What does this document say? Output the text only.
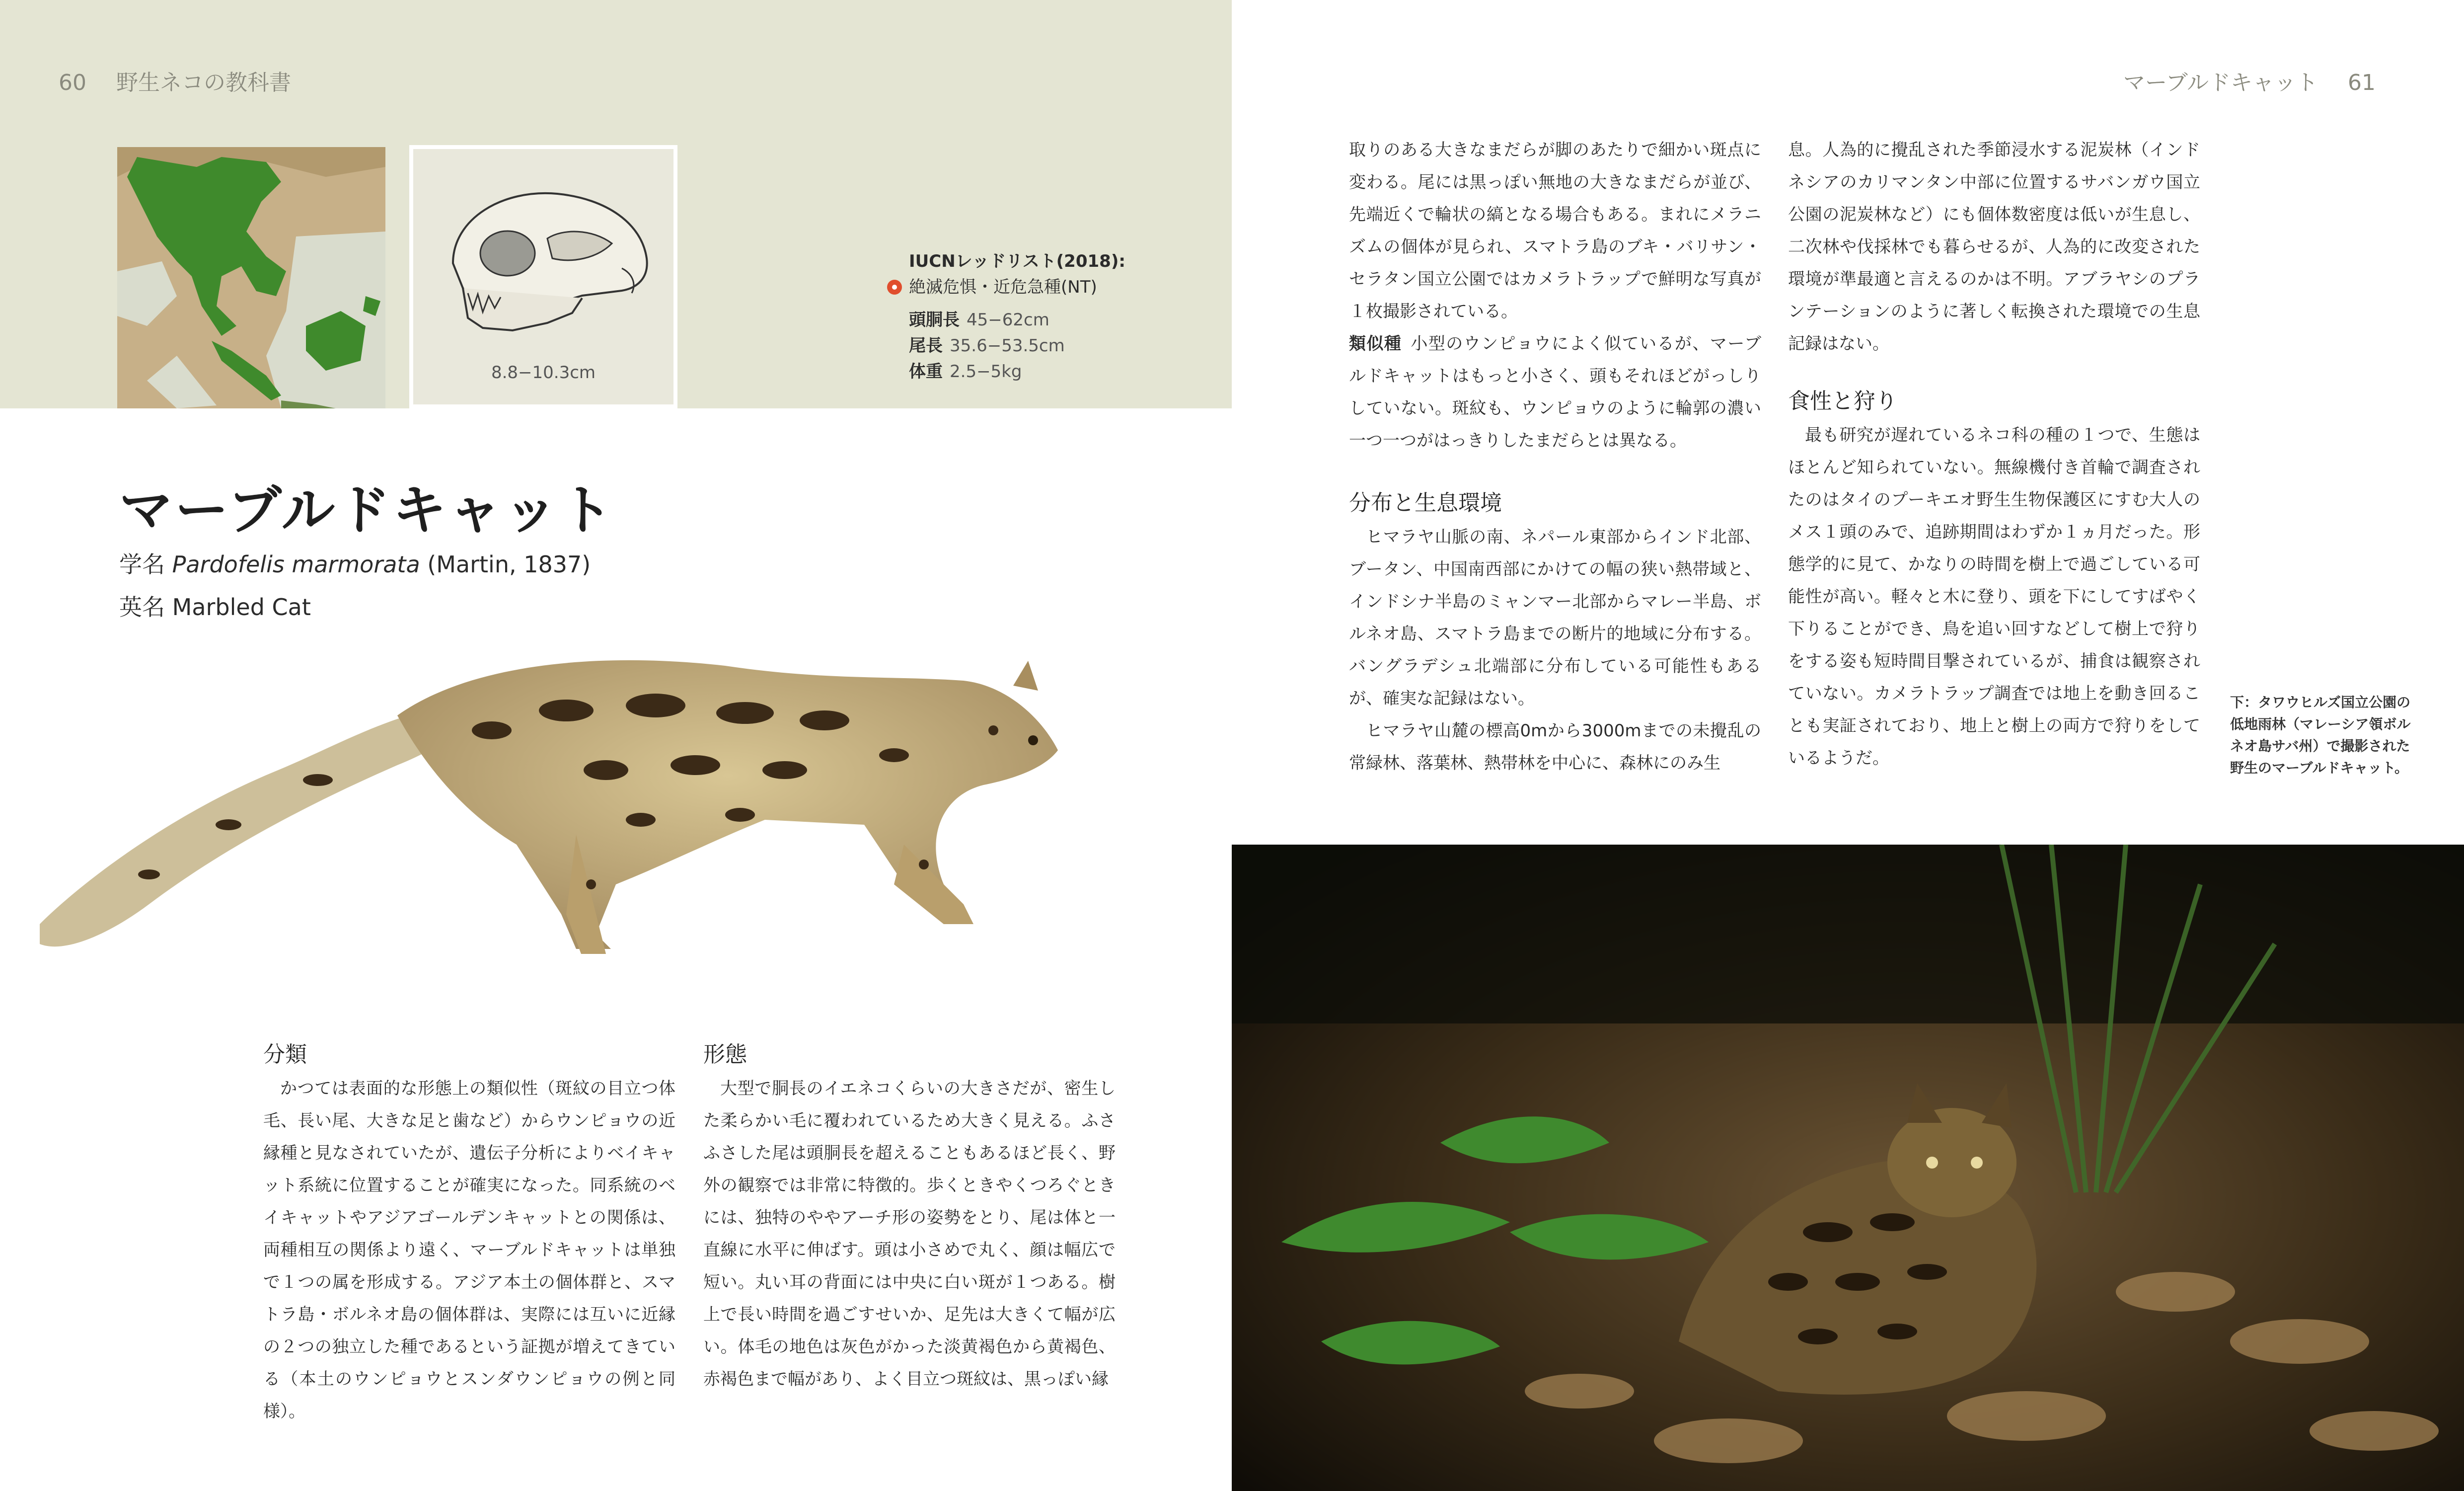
60 野生ネコの教科書
8.8−10.3cm
IUCNレッドリスト(2018):
絶滅危惧・近危急種(NT)
頭胴長 45−62cm
尾長 35.6−53.5cm
体重 2.5−5kg
マーブルドキャット
学名 Pardofelis marmorata (Martin, 1837)
英名 Marbled Cat
分類

かつては表面的な形態上の類似性（斑紋の目立つ体毛、長い尾、大きな足と歯など）からウンピョウの近縁種と見なされていたが、遺伝子分析によりベイキャット系統に位置することが確実になった。同系統のベイキャットやアジアゴールデンキャットとの関係は、両種相互の関係より遠く、マーブルドキャットは単独で１つの属を形成する。アジア本土の個体群と、スマトラ島・ボルネオ島の個体群は、実際には互いに近縁の２つの独立した種であるという証拠が増えてきている（本土のウンピョウとスンダウンピョウの例と同様）。

形態

大型で胴長のイエネコくらいの大きさだが、密生した柔らかい毛に覆われているため大きく見える。ふさふさした尾は頭胴長を超えることもあるほど長く、野外の観察では非常に特徴的。歩くときやくつろぐときには、独特のややアーチ形の姿勢をとり、尾は体と一直線に水平に伸ばす。頭は小さめで丸く、顔は幅広で短い。丸い耳の背面には中央に白い斑が１つある。樹上で長い時間を過ごすせいか、足先は大きくて幅が広い。体毛の地色は灰色がかった淡黄褐色から黄褐色、赤褐色まで幅があり、よく目立つ斑紋は、黒っぽい縁

マーブルドキャット 61

取りのある大きなまだらが脚のあたりで細かい斑点に変わる。尾には黒っぽい無地の大きなまだらが並び、先端近くで輪状の縞となる場合もある。まれにメラニズムの個体が見られ、スマトラ島のブキ・バリサン・セラタン国立公園ではカメラトラップで鮮明な写真が１枚撮影されている。

類似種 小型のウンピョウによく似ているが、マーブルドキャットはもっと小さく、頭もそれほどがっしりしていない。斑紋も、ウンピョウのように輪郭の濃い一つ一つがはっきりしたまだらとは異なる。

分布と生息環境

ヒマラヤ山脈の南、ネパール東部からインド北部、ブータン、中国南西部にかけての幅の狭い熱帯域と、インドシナ半島のミャンマー北部からマレー半島、ボルネオ島、スマトラ島までの断片的地域に分布する。バングラデシュ北端部に分布している可能性もあるが、確実な記録はない。

ヒマラヤ山麓の標高0mから3000mまでの未攪乱の常緑林、落葉林、熱帯林を中心に、森林にのみ生

息。人為的に攪乱された季節浸水する泥炭林（インドネシアのカリマンタン中部に位置するサバンガウ国立公園の泥炭林など）にも個体数密度は低いが生息し、二次林や伐採林でも暮らせるが、人為的に改変された環境が準最適と言えるのかは不明。アブラヤシのプランテーションのように著しく転換された環境での生息記録はない。

食性と狩り

最も研究が遅れているネコ科の種の１つで、生態はほとんど知られていない。無線機付き首輪で調査されたのはタイのプーキエオ野生生物保護区にすむ大人のメス１頭のみで、追跡期間はわずか１ヵ月だった。形態学的に見て、かなりの時間を樹上で過ごしている可能性が高い。軽々と木に登り、頭を下にしてすばやく下りることができ、鳥を追い回すなどして樹上で狩りをする姿も短時間目撃されているが、捕食は観察されていない。カメラトラップ調査では地上を動き回ることも実証されており、地上と樹上の両方で狩りをしているようだ。

下：タワウヒルズ国立公園の低地雨林（マレーシア領ボルネオ島サバ州）で撮影された野生のマーブルドキャット。
